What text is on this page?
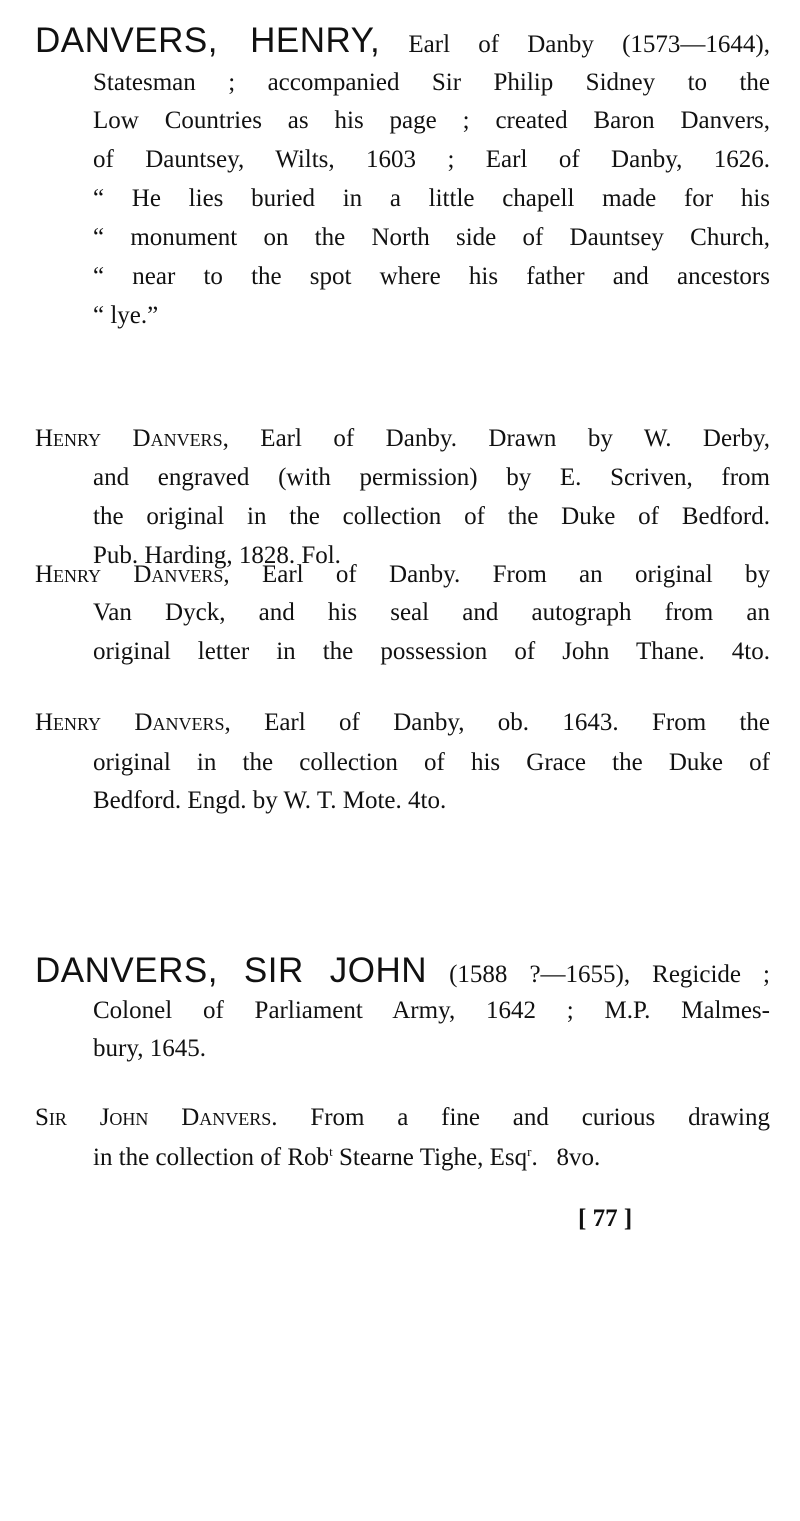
DANVERS, HENRY, Earl of Danby (1573—1644),
Statesman ; accompanied Sir Philip Sidney to the
Low Countries as his page ; created Baron Danvers,
of Dauntsey, Wilts, 1603 ; Earl of Danby, 1626.
“ He lies buried in a little chapell made for his
“ monument on the North side of Dauntsey Church,
“ near to the spot where his father and ancestors
“ lye.”
Henry Danvers, Earl of Danby. Drawn by W. Derby,
and engraved (with permission) by E. Scriven, from
the original in the collection of the Duke of Bedford.
Pub. Harding, 1828. Fol.
Henry Danvers, Earl of Danby. From an original by
Van Dyck, and his seal and autograph from an
original letter in the possession of John Thane. 4to.
Henry Danvers, Earl of Danby, ob. 1643. From the
original in the collection of his Grace the Duke of
Bedford. Engd. by W. T. Mote. 4to.
DANVERS, SIR JOHN (1588 ?—1655), Regicide ;
Colonel of Parliament Army, 1642 ; M.P. Malmes-
bury, 1645.
Sir John Danvers. From a fine and curious drawing
in the collection of Rob$^t$ Stearne Tighe, Esq$^r$.   8vo.
[ 77 ]
